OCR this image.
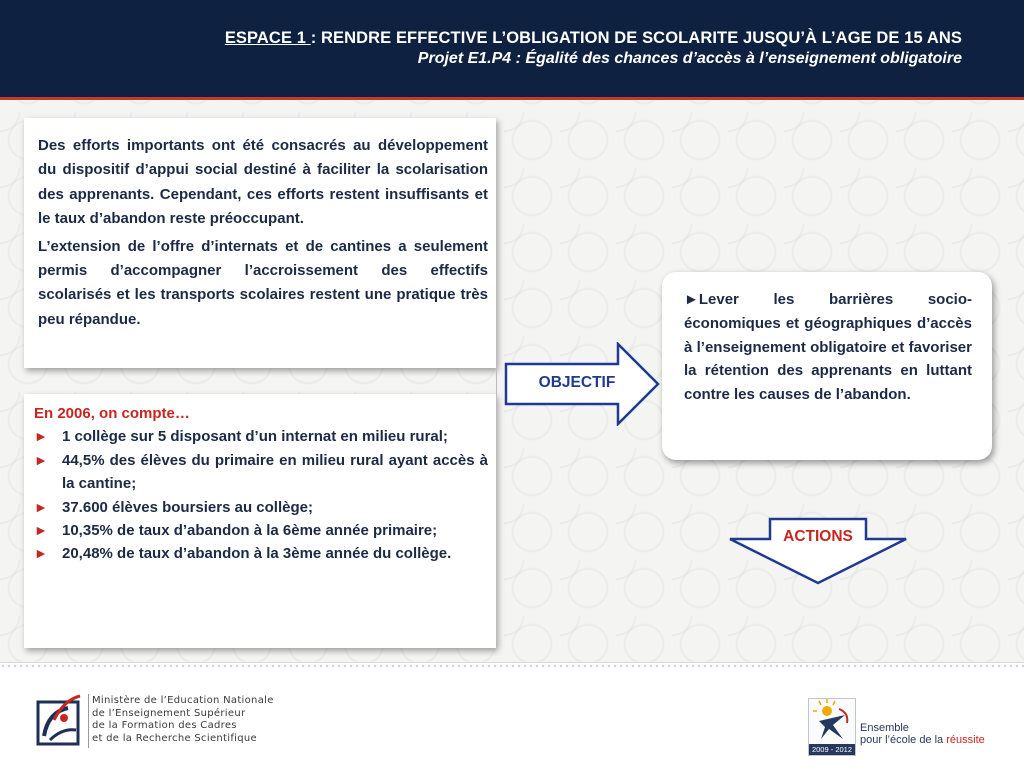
ESPACE 1 : RENDRE EFFECTIVE L’OBLIGATION DE SCOLARITE JUSQU’À L’AGE DE 15 ANS
Projet E1.P4 : Égalité des chances d’accès à l’enseignement obligatoire

Des efforts importants ont été consacrés au développement du dispositif d’appui social destiné à faciliter la scolarisation des apprenants. Cependant, ces efforts restent insuffisants et le taux d’abandon reste préoccupant.

L’extension de l’offre d’internats et de cantines a seulement permis d’accompagner l’accroissement des effectifs scolarisés et les transports scolaires restent une pratique très peu répandue.

En 2006, on compte…
► 1 collège sur 5 disposant d’un internat en milieu rural;
► 44,5% des élèves du primaire en milieu rural ayant accès à la cantine;
► 37.600 élèves boursiers au collège;
► 10,35% de taux d’abandon à la 6ème année primaire;
► 20,48% de taux d’abandon à la 3ème année du collège.
OBJECTIF
►Lever les barrières socio-économiques et géographiques d’accès à l’enseignement obligatoire et favoriser la rétention des apprenants en luttant contre les causes de l’abandon.
ACTIONS
Ministère de l’Education Nationale
de l’Enseignement Supérieur
de la Formation des Cadres
et de la Recherche Scientifique
2009 - 2012
Ensemble
pour l’école de la réussite
